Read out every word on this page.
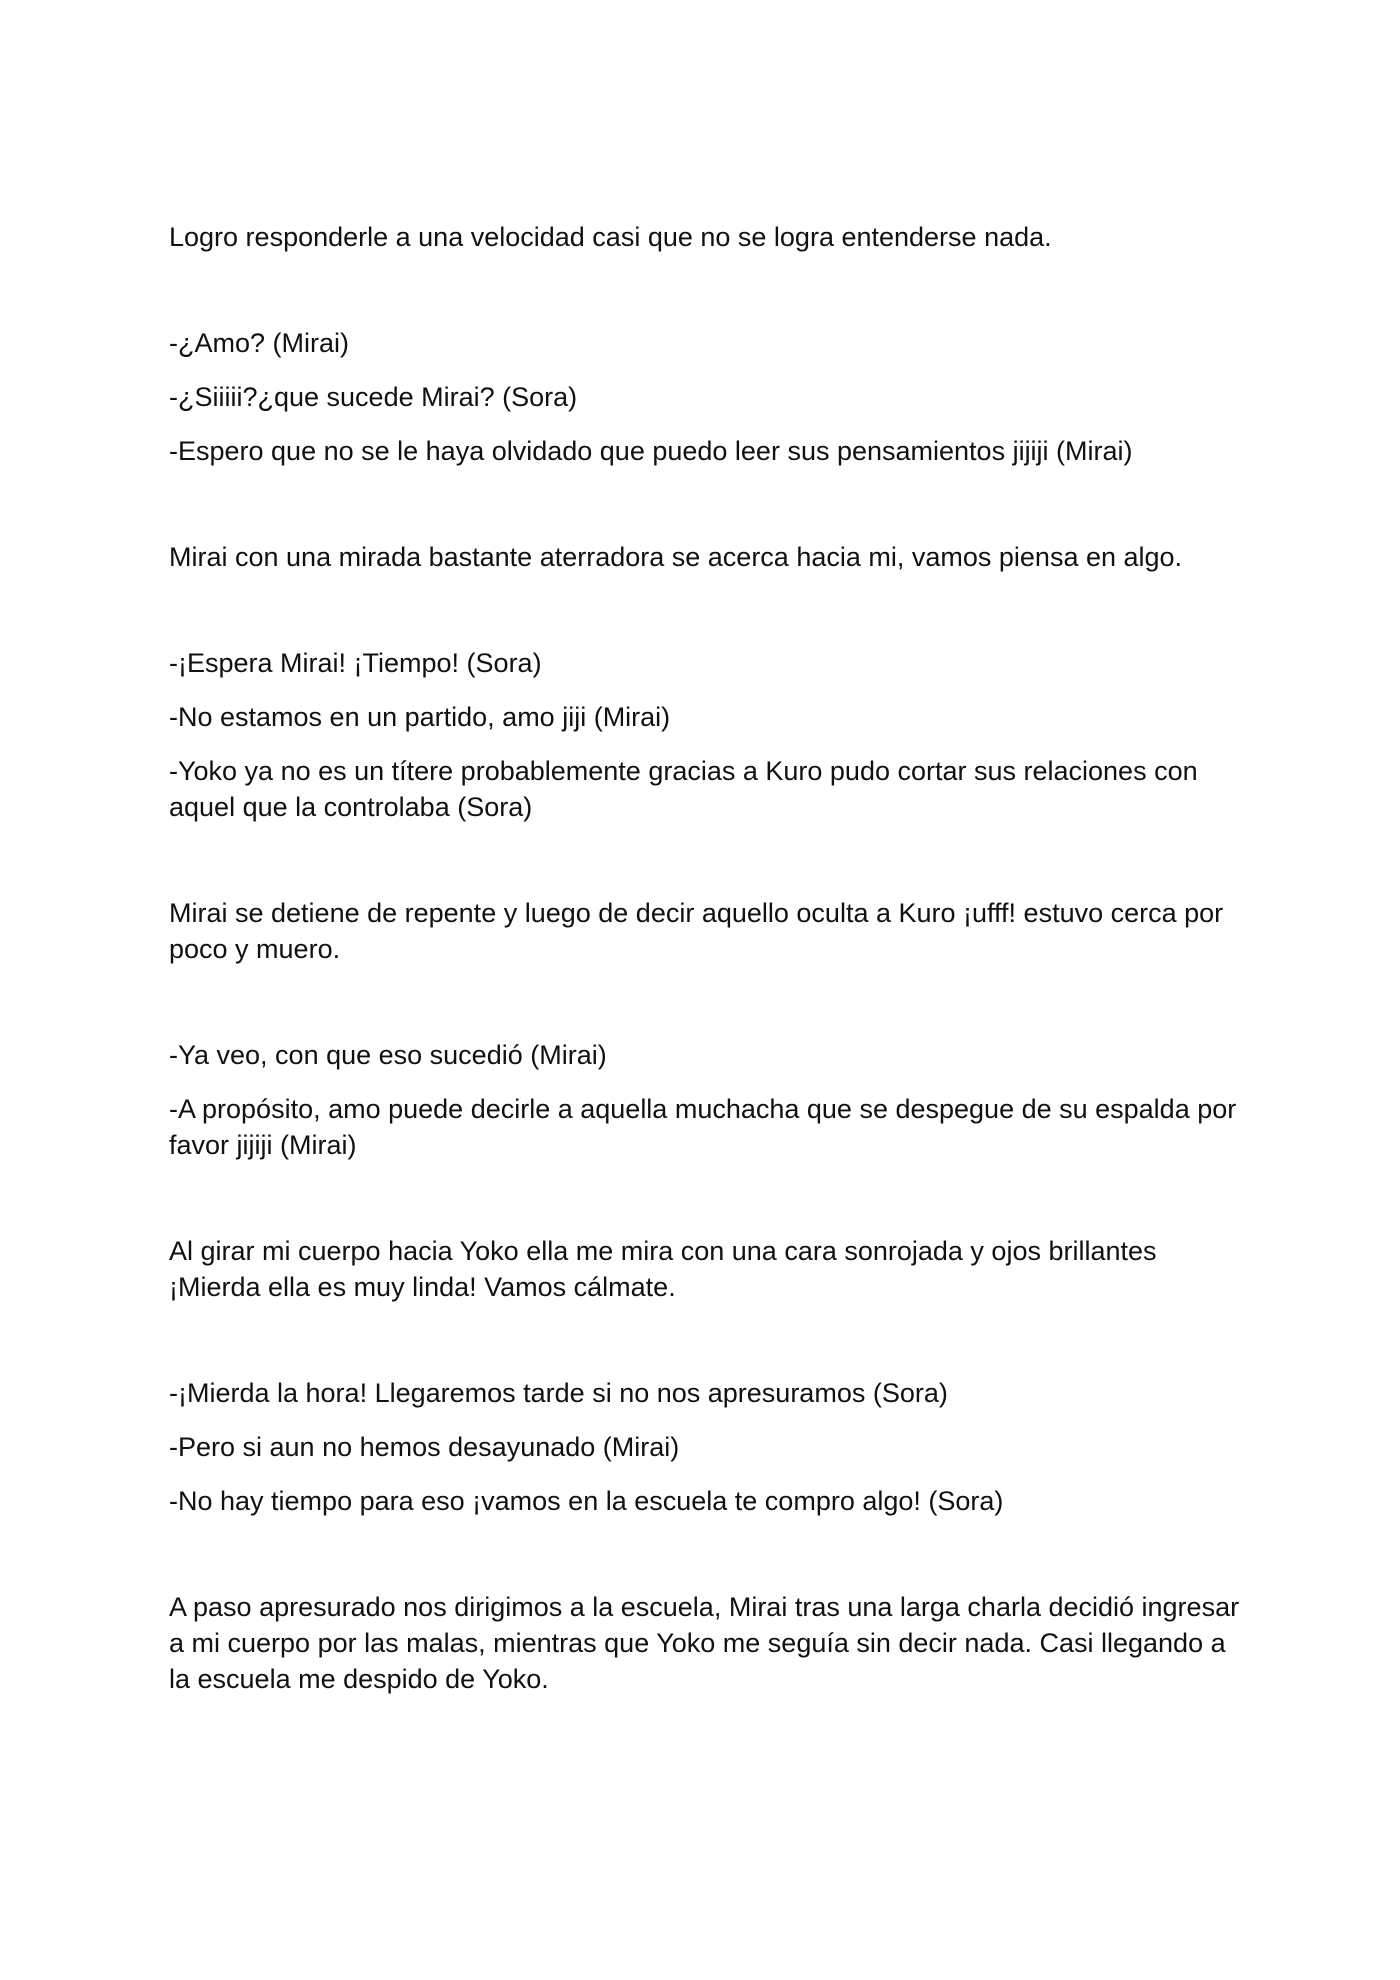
Logro responderle a una velocidad casi que no se logra entenderse nada.

-¿Amo? (Mirai)

-¿Siiiii?¿que sucede Mirai? (Sora)

-Espero que no se le haya olvidado que puedo leer sus pensamientos jijiji (Mirai)

Mirai con una mirada bastante aterradora se acerca hacia mi, vamos piensa en algo.

-¡Espera Mirai! ¡Tiempo! (Sora)

-No estamos en un partido, amo jiji (Mirai)

-Yoko ya no es un títere probablemente gracias a Kuro pudo cortar sus relaciones con aquel que la controlaba (Sora)

Mirai se detiene de repente y luego de decir aquello oculta a Kuro ¡ufff! estuvo cerca por poco y muero.

-Ya veo, con que eso sucedió (Mirai)

-A propósito, amo puede decirle a aquella muchacha que se despegue de su espalda por favor jijiji (Mirai)

Al girar mi cuerpo hacia Yoko ella me mira con una cara sonrojada y ojos brillantes ¡Mierda ella es muy linda! Vamos cálmate.

-¡Mierda la hora! Llegaremos tarde si no nos apresuramos (Sora)

-Pero si aun no hemos desayunado (Mirai)

-No hay tiempo para eso ¡vamos en la escuela te compro algo! (Sora)

A paso apresurado nos dirigimos a la escuela, Mirai tras una larga charla decidió ingresar a mi cuerpo por las malas, mientras que Yoko me seguía sin decir nada. Casi llegando a la escuela me despido de Yoko.
